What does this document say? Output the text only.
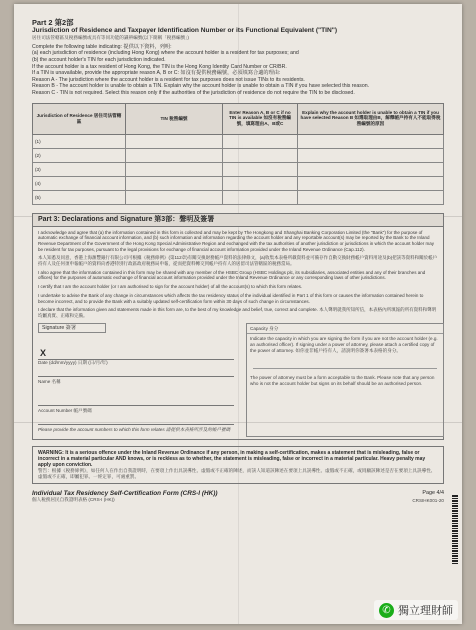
Part 2 第2部
Jurisdiction of Residence and Taxpayer Identification Number or its Functional Equivalent ("TIN")
居住司法管轄區及稅務編號或具有等同功能的識辨編號(以下簡稱「稅務編號」)
Complete the following table indicating: 提供以下資料，列明:
(a) each jurisdiction of residence (including Hong Kong) where the account holder is a resident for tax purposes; and
(b) the account holder's TIN for each jurisdiction indicated.
If the account holder is a tax resident of Hong Kong, the TIN is the Hong Kong Identity Card Number or CR/BR.
If a TIN is unavailable, provide the appropriate reason A, B or C: 如沒有提供稅務編號，必須填寫合適的理由:
Reason A - The jurisdiction where the account holder is a resident for tax purposes does not issue TINs to its residents.
Reason B - The account holder is unable to obtain a TIN. Explain why the account holder is unable to obtain a TIN if you have selected this reason.
Reason C - TIN is not required. Select this reason only if the authorities of the jurisdiction of residence do not require the TIN to be disclosed.
Jurisdiction of Residence 居住司法管轄區	TIN 稅務編號	Enter Reason A, B or C if no TIN is available 如沒有稅務編號，填寫理由A、B或C	Explain why the account holder is unable to obtain a TIN if you have selected Reason B 如選取理由B，解釋帳戶持有人不能取得稅務編號的原因
(1)			
(2)			
(3)			
(4)			
(5)			
Part 3: Declarations and Signature 第3部：聲明及簽署
I acknowledge and agree that (a) the information contained in this form is collected and may be kept by The Hongkong and Shanghai Banking Corporation Limited (the "Bank") for the purpose of automatic exchange of financial account information, and (b) such information and information regarding the account holder and any reportable account(s) may be reported by the Bank to the Inland Revenue Department of the Government of the Hong Kong Special Administrative Region and exchanged with the tax authorities of another jurisdiction or jurisdictions in which the account holder may be resident for tax purposes, pursuant to the legal provisions for exchange of financial account information provided under the Inland Revenue Ordinance (Cap.112).
本人知悉及同意，香港上海滙豐銀行有限公司可根據《稅務條例》(第112章)有關交換財務帳戶資料的法律條文，(a)收集本表格所載資料並可備存作自動交換財務帳戶資料用途及(b)把該等資料和關於帳戶持有人及任何須申報帳戶的資料向香港特別行政區政府稅務局申報，從而把資料轉交到帳戶持有人的居留司法管轄區的稅務當局。
I also agree that the information contained in this form may be shared with any member of the HSBC Group (HSBC Holdings plc, its subsidiaries, associated entities and any of their branches and offices) for the purposes of automatic exchange of financial account information provided under the Inland Revenue Ordinance or any corresponding laws of other jurisdictions.
I certify that I am the account holder (or I am authorised to sign for the account holder) of all the account(s) to which this form relates.
I undertake to advise the Bank of any change in circumstances which affects the tax residency status of the individual identified in Part 1 of this form or causes the information contained herein to become incorrect, and to provide the Bank with a suitably updated self-certification form within 30 days of such change in circumstances.
I declare that the information given and statements made in this form are, to the best of my knowledge and belief, true, correct and complete. 本人聲明就我所知所信，本表格內所填報的所有資料和聲明均屬真實、正確和完備。
Signature 簽署
X
Date (dd/mm/yyyy) 日期 (日/月/年)
Name 名稱
Account Number 帳戶號碼
Please provide the account numbers to which this form relates 請提供本表格所涉及的帳戶號碼
Capacity 身分
Indicate the capacity in which you are signing the form if you are not the account holder (e.g. an authorised officer). If signing under a power of attorney, please attach a certified copy of the power of attorney. 如你並非帳戶持有人，請說明你簽署本表格的身分。
The power of attorney must be a form acceptable to the Bank. Please note that any person who is not the account holder but signs on its behalf should be an authorised person.
WARNING: It is a serious offence under the Inland Revenue Ordinance if any person, in making a self-certification, makes a statement that is misleading, false or incorrect in a material particular AND knows, or is reckless as to whether, the statement is misleading, false or incorrect in a material particular. Heavy penalty may apply upon conviction.
警告：根據《稅務條例》，如任何人在作出自我證明時，在要項上作出具誤導性、虛假或不正確的陳述，而該人知道該陳述在要項上具誤導性、虛假或不正確，或罔顧該陳述是否在要項上具誤導性、虛假或不正確，即屬犯罪。一經定罪，可處重罰。
Individual Tax Residency Self-Certification Form (CRS-I (HK))
個人稅務居民自我證明表格 (CRS-I (HK))
Page 4/4
CRSIHK001-20
✆ 獨立理財師
